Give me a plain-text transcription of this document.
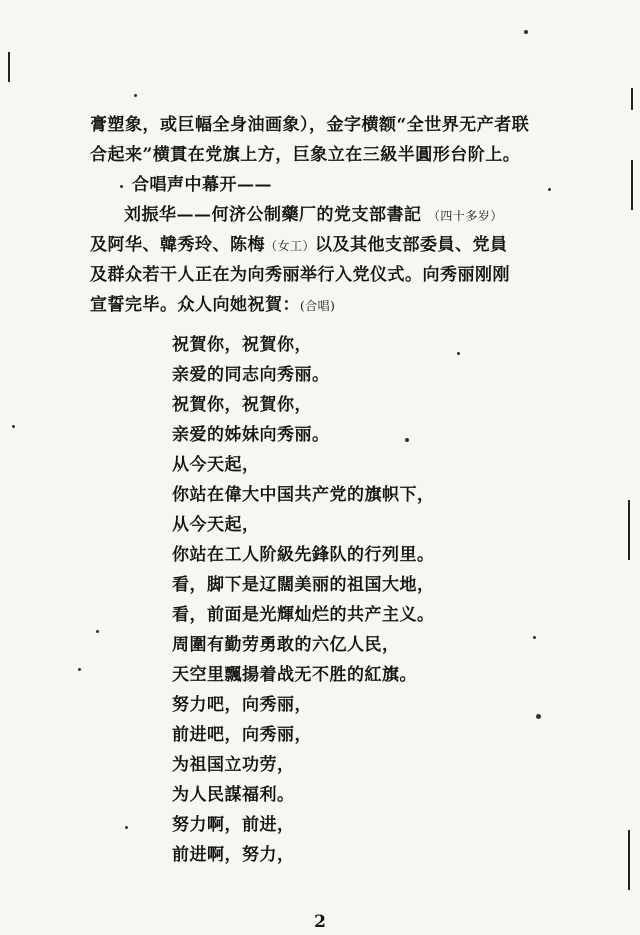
膏塑象，或巨幅全身油画象），金字横额“全世界无产者联
合起来”横貫在党旗上方，巨象立在三級半圓形台阶上。
合唱声中幕开——
刘振华——何济公制藥厂的党支部書記 （四十多岁）
及阿华、韓秀玲、陈梅（女工）以及其他支部委員、党員
及群众若干人正在为向秀丽举行入党仪式。向秀丽刚刚
宣誓完毕。众人向她祝賀：(合唱)
祝賀你，祝賀你，
亲爱的同志向秀丽。
祝賀你，祝賀你，
亲爱的姊妹向秀丽。
从今天起，
你站在偉大中国共产党的旗帜下，
从今天起，
你站在工人阶級先鋒队的行列里。
看，脚下是辽闊美丽的祖国大地，
看，前面是光輝灿烂的共产主义。
周圍有勤劳勇敢的六亿人民，
天空里飄揚着战无不胜的紅旗。
努力吧，向秀丽，
前进吧，向秀丽，
为祖国立功劳，
为人民謀福利。
努力啊，前进，
前进啊，努力，
2
